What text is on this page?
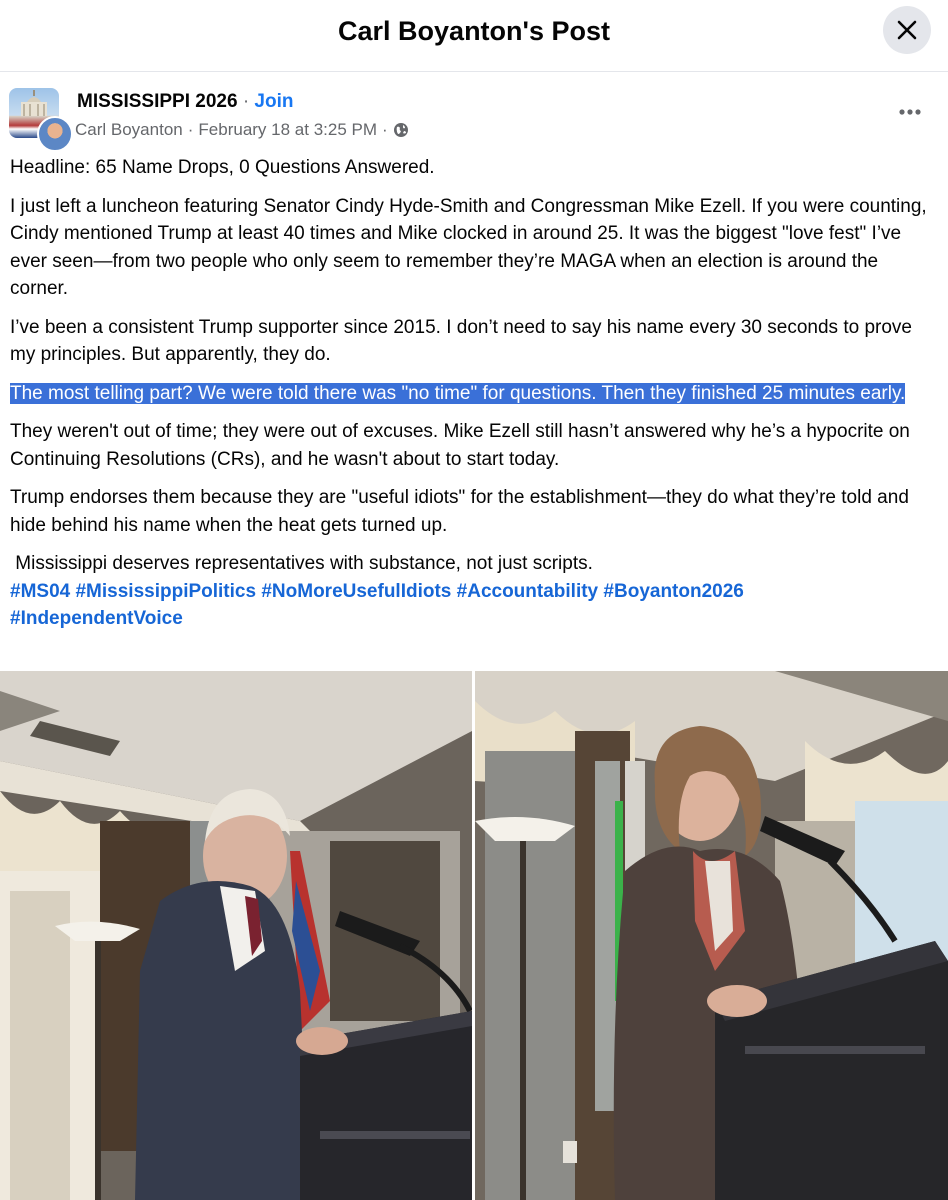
Carl Boyanton's Post
MISSISSIPPI 2026 · Join
Carl Boyanton · February 18 at 3:25 PM ·

Headline: 65 Name Drops, 0 Questions Answered.

I just left a luncheon featuring Senator Cindy Hyde-Smith and Congressman Mike Ezell. If you were counting, Cindy mentioned Trump at least 40 times and Mike clocked in around 25. It was the biggest "love fest" I’ve ever seen—from two people who only seem to remember they’re MAGA when an election is around the corner.

I’ve been a consistent Trump supporter since 2015. I don’t need to say his name every 30 seconds to prove my principles. But apparently, they do.

The most telling part? We were told there was "no time" for questions. Then they finished 25 minutes early.

They weren't out of time; they were out of excuses. Mike Ezell still hasn’t answered why he’s a hypocrite on Continuing Resolutions (CRs), and he wasn't about to start today.

Trump endorses them because they are "useful idiots" for the establishment—they do what they’re told and hide behind his name when the heat gets turned up.

Mississippi deserves representatives with substance, not just scripts.
#MS04 #MississippiPolitics #NoMoreUsefulIdiots #Accountability #Boyanton2026
#IndependentVoice
